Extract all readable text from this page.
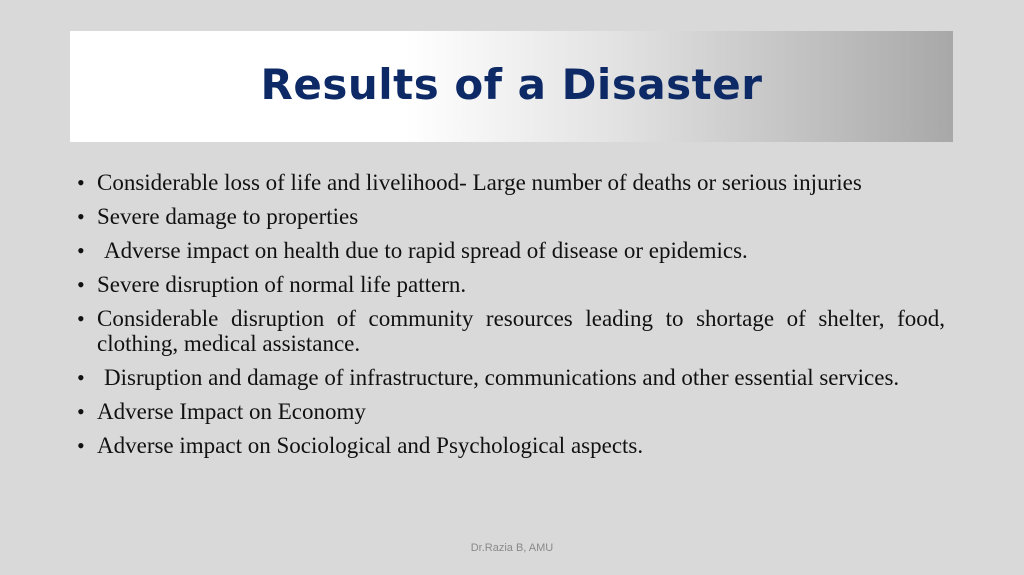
Results of a Disaster
• Considerable loss of life and livelihood- Large number of deaths or serious injuries
• Severe damage to properties
• Adverse impact on health due to rapid spread of disease or epidemics.
• Severe disruption of normal life pattern.
• Considerable disruption of community resources leading to shortage of shelter, food, clothing, medical assistance.
• Disruption and damage of infrastructure, communications and other essential services.
• Adverse Impact on Economy
• Adverse impact on Sociological and Psychological aspects.
Dr.Razia B, AMU
